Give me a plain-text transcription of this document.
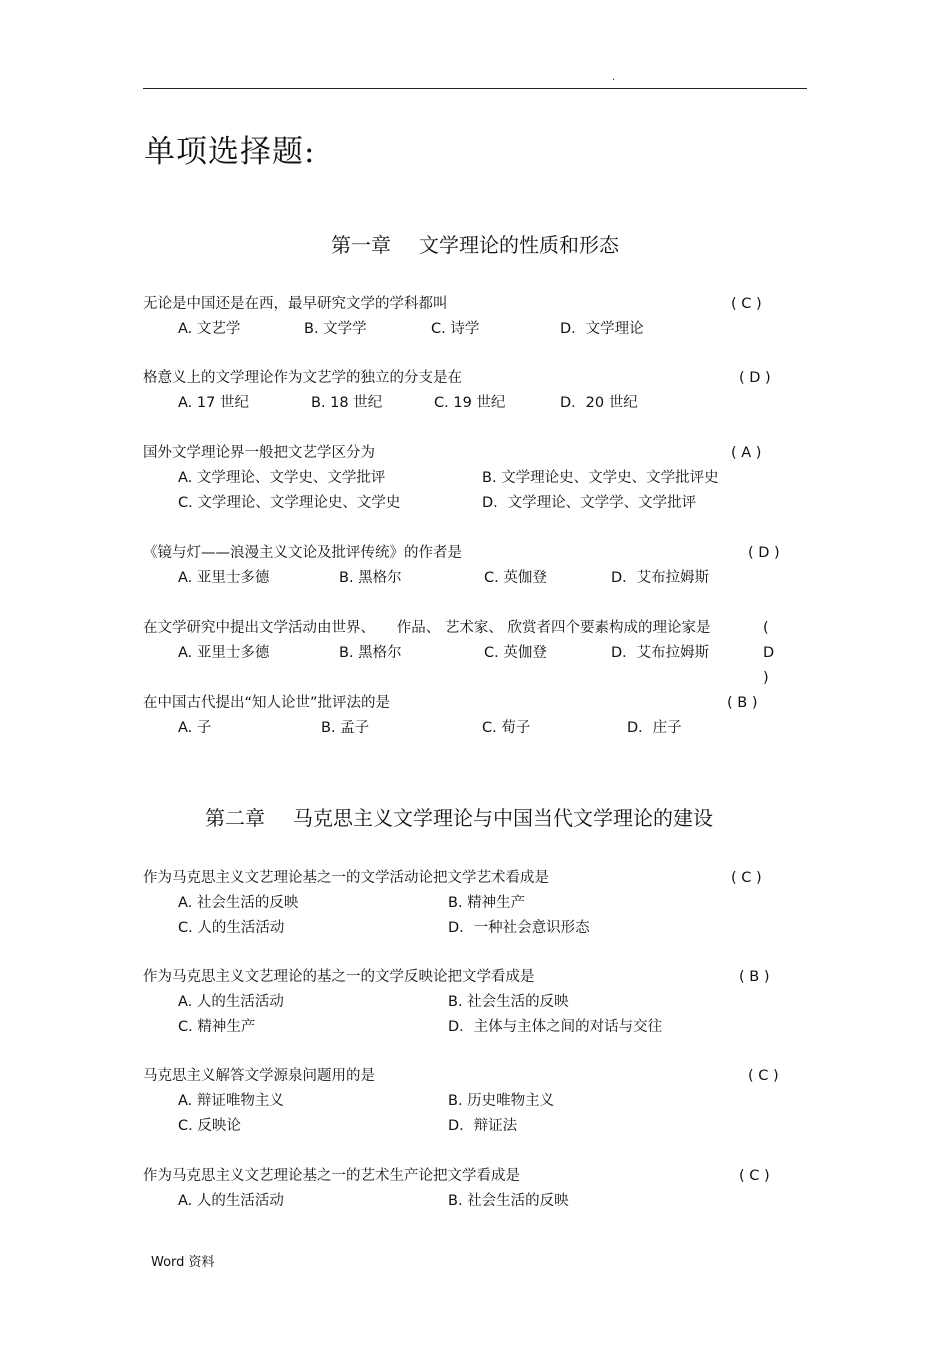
.
单项选择题:
第一章 文学理论的性质和形态
无论是中国还是在西，最早研究文学的学科都叫	( C )
A. 文艺学	B. 文学学	C. 诗学	D．文学理论
格意义上的文学理论作为文艺学的独立的分支是在	( D )
A. 17 世纪	B. 18 世纪	C. 19 世纪	D．20 世纪
国外文学理论界一般把文艺学区分为	( A )
A. 文学理论、文学史、文学批评	B. 文学理论史、文学史、文学批评史
C. 文学理论、文学理论史、文学史	D．文学理论、文学学、文学批评
《镜与灯——浪漫主义文论及批评传统》的作者是	( D )
A. 亚里士多德	B. 黑格尔	C. 英伽登	D．艾布拉姆斯
在文学研究中提出文学活动由世界、　　作品、 艺术家、 欣赏者四个要素构成的理论家是	( D )
A. 亚里士多德	B. 黑格尔	C. 英伽登	D．艾布拉姆斯
在中国古代提出“知人论世”批评法的是	( B )
A. 子	B. 孟子	C. 荀子	D．庄子
第二章 马克思主义文学理论与中国当代文学理论的建设
作为马克思主义文艺理论基之一的文学活动论把文学艺术看成是	( C )
A. 社会生活的反映	B. 精神生产
C. 人的生活活动	D．一种社会意识形态
作为马克思主义文艺理论的基之一的文学反映论把文学看成是	( B )
A. 人的生活活动	B. 社会生活的反映
C. 精神生产	D．主体与主体之间的对话与交往
马克思主义解答文学源泉问题用的是	( C )
A. 辩证唯物主义	B. 历史唯物主义
C. 反映论	D．辩证法
作为马克思主义文艺理论基之一的艺术生产论把文学看成是	( C )
A. 人的生活活动	B. 社会生活的反映
Word 资料
